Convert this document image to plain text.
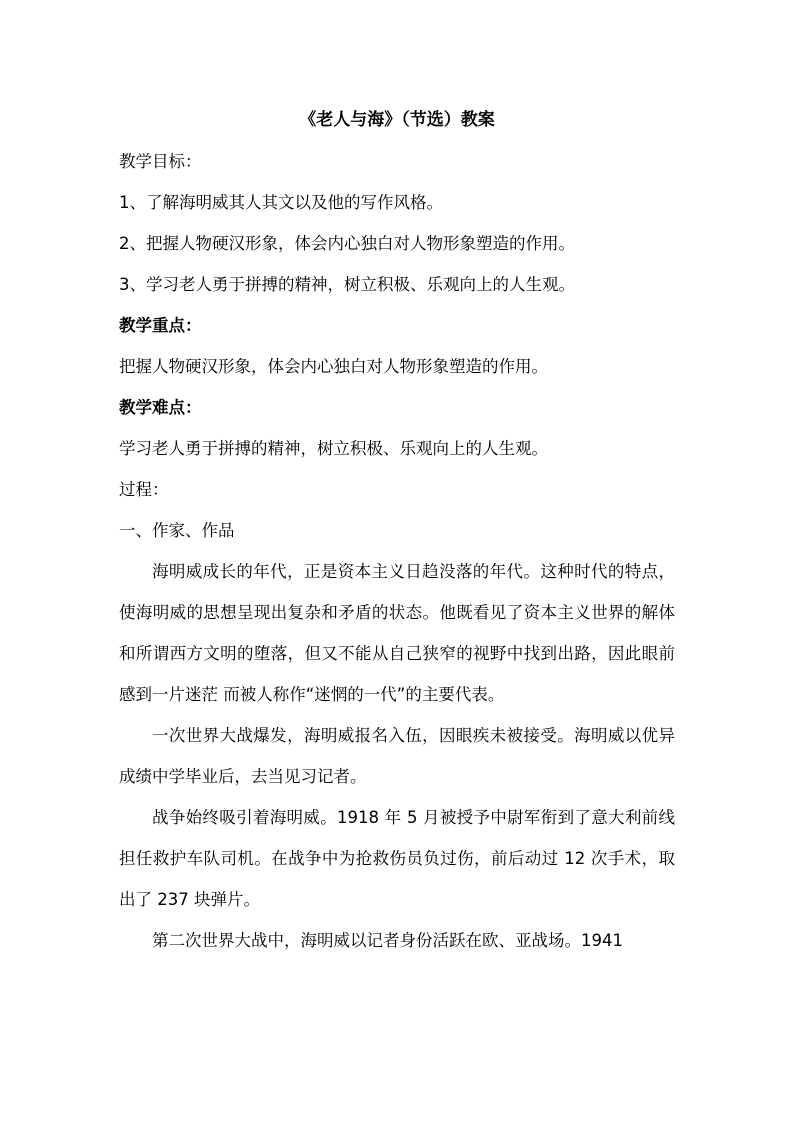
《老人与海》（节选）教案

教学目标：

1、了解海明威其人其文以及他的写作风格。

2、把握人物硬汉形象，体会内心独白对人物形象塑造的作用。

3、学习老人勇于拼搏的精神，树立积极、乐观向上的人生观。

教学重点：

把握人物硬汉形象，体会内心独白对人物形象塑造的作用。

教学难点：

学习老人勇于拼搏的精神，树立积极、乐观向上的人生观。

过程：

一、作家、作品

海明威成长的年代，正是资本主义日趋没落的年代。这种时代的特点，使海明威的思想呈现出复杂和矛盾的状态。他既看见了资本主义世界的解体和所谓西方文明的堕落，但又不能从自己狭窄的视野中找到出路，因此眼前感到一片迷茫 而被人称作“迷惘的一代”的主要代表。

一次世界大战爆发，海明威报名入伍，因眼疾未被接受。海明威以优异成绩中学毕业后，去当见习记者。

战争始终吸引着海明威。1918 年 5 月被授予中尉军衔到了意大利前线担任救护车队司机。在战争中为抢救伤员负过伤，前后动过 12 次手术，取出了 237 块弹片。

第二次世界大战中，海明威以记者身份活跃在欧、亚战场。1941
